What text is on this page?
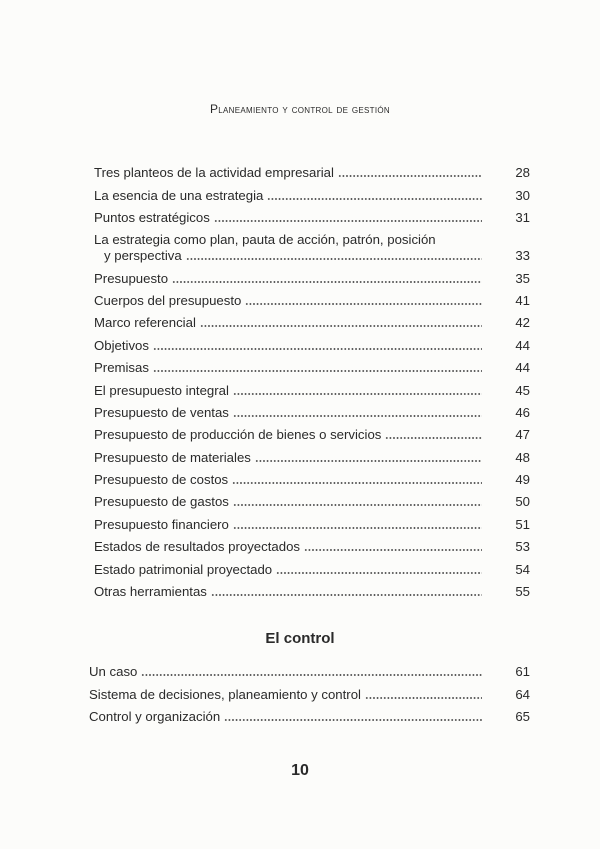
Planeamiento y control de gestión
Tres planteos de la actividad empresarial	28
La esencia de una estrategia	30
Puntos estratégicos	31
La estrategia como plan, pauta de acción, patrón, posición
y perspectiva	33
Presupuesto	35
Cuerpos del presupuesto	41
Marco referencial	42
Objetivos	44
Premisas	44
El presupuesto integral	45
Presupuesto de ventas	46
Presupuesto de producción de bienes o servicios	47
Presupuesto de materiales	48
Presupuesto de costos	49
Presupuesto de gastos	50
Presupuesto financiero	51
Estados de resultados proyectados	53
Estado patrimonial proyectado	54
Otras herramientas	55
El control
Un caso	61
Sistema de decisiones, planeamiento y control	64
Control y organización	65
10
